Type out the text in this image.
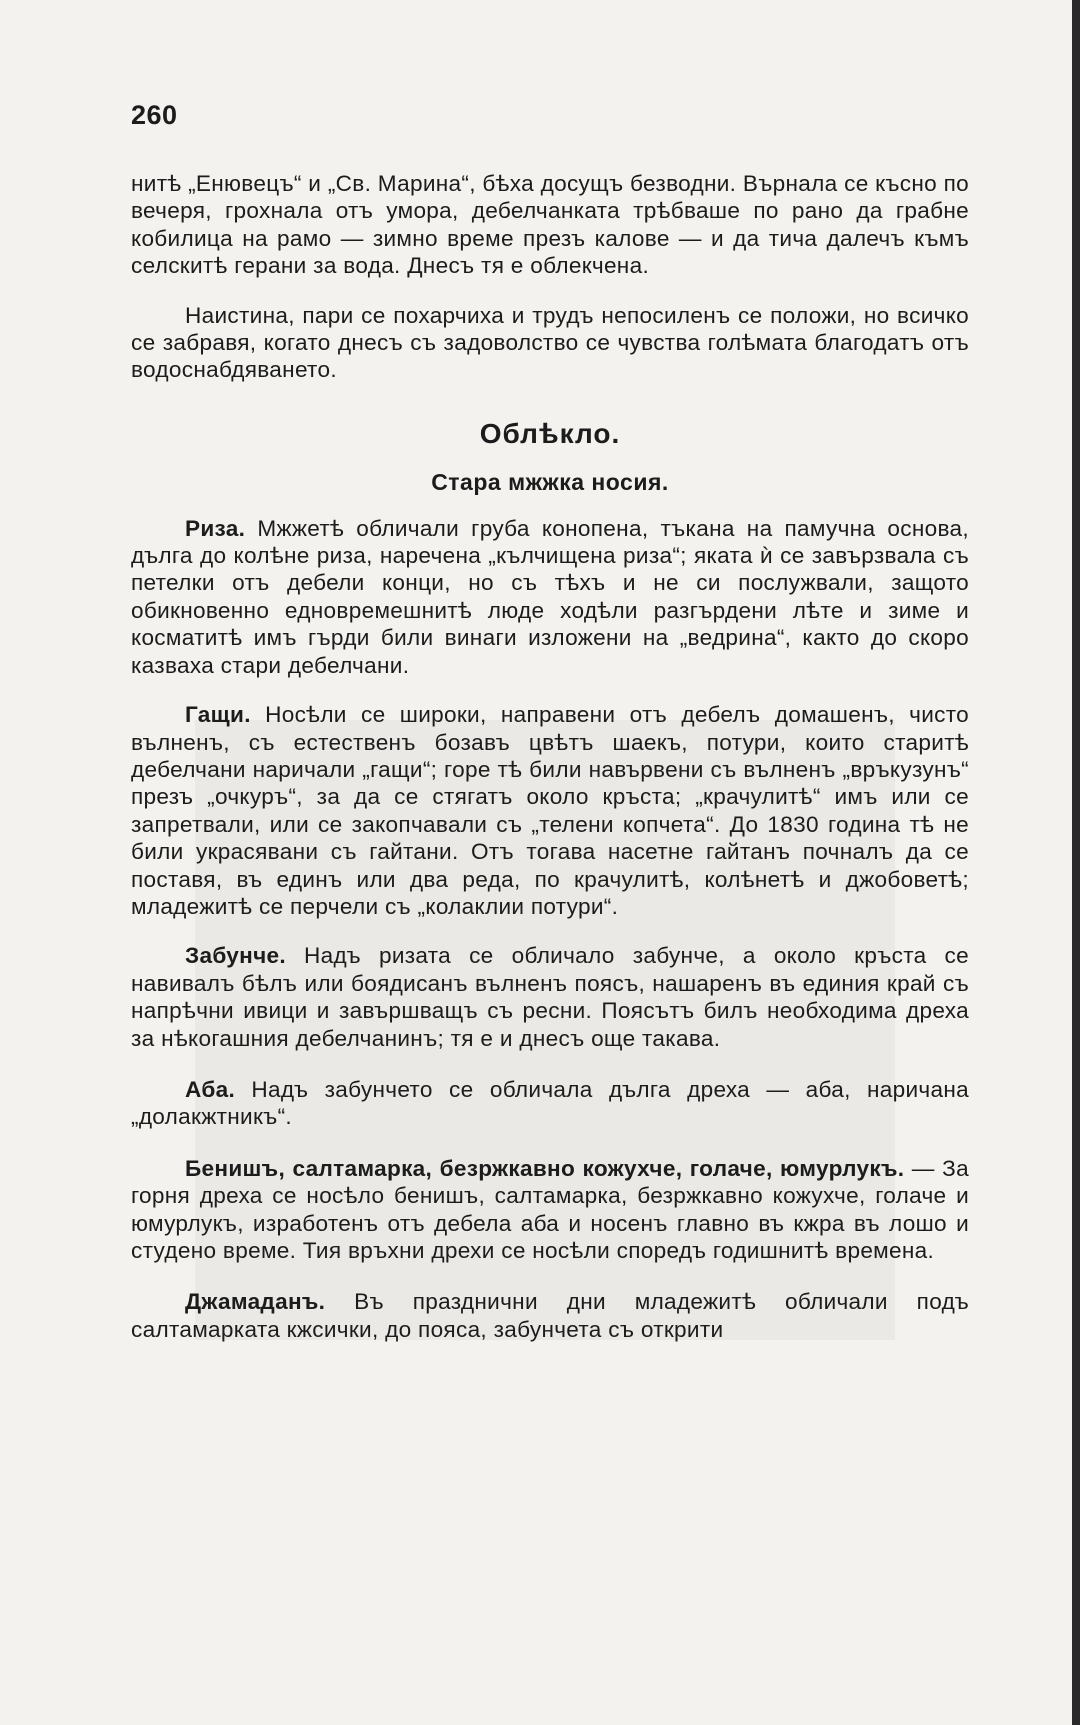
260

нитѣ „Енювецъ“ и „Св. Марина“, бѣха досущъ безводни. Върнала се късно по вечеря, грохнала отъ умора, дебелчанката трѣбваше по рано да грабне кобилица на рамо — зимно време презъ калове — и да тича далечъ къмъ селскитѣ герани за вода. Днесъ тя е облекчена.

Наистина, пари се похарчиха и трудъ непосиленъ се положи, но всичко се забравя, когато днесъ съ задоволство се чувства голѣмата благодатъ отъ водоснабдяването.

Облѣкло.
Стара мжжка носия.

Риза. Мжжетѣ обличали груба конопена, тъкана на памучна основа, дълга до колѣне риза, наречена „кълчищена риза“; яката ѝ се завързвала съ петелки отъ дебели конци, но съ тѣхъ и не си послужвали, защото обикновенно едновремешнитѣ люде ходѣли разгърдени лѣте и зиме и косматитѣ имъ гърди били винаги изложени на „ведрина“, както до скоро казваха стари дебелчани.

Гащи. Носѣли се широки, направени отъ дебелъ домашенъ, чисто вълненъ, съ естественъ бозавъ цвѣтъ шаекъ, потури, които старитѣ дебелчани наричали „гащи“; горе тѣ били навървени съ вълненъ „връкузунъ“ презъ „очкуръ“, за да се стягатъ около кръста; „крачулитѣ“ имъ или се запретвали, или се закопчавали съ „телени копчета“. До 1830 година тѣ не били украсявани съ гайтани. Отъ тогава насетне гайтанъ почналъ да се поставя, въ единъ или два реда, по крачулитѣ, колѣнетѣ и джобоветѣ; младежитѣ се перчели съ „колаклии потури“.

Забунче. Надъ ризата се обличало забунче, а около кръста се навивалъ бѣлъ или боядисанъ вълненъ поясъ, нашаренъ въ единия край съ напрѣчни ивици и завършващъ съ ресни. Поясътъ билъ необходима дреха за нѣкогашния дебелчанинъ; тя е и днесъ още такава.

Аба. Надъ забунчето се обличала дълга дреха — аба, наричана „долакжтникъ“.

Бенишъ, салтамарка, безржкавно кожухче, голаче, юмурлукъ. — За горня дреха се носѣло бенишъ, салтамарка, безржкавно кожухче, голаче и юмурлукъ, изработенъ отъ дебела аба и носенъ главно въ кжра въ лошо и студено време. Тия връхни дрехи се носѣли споредъ годишнитѣ времена.

Джамаданъ. Въ празднични дни младежитѣ обличали подъ салтамарката кжсички, до пояса, забунчета съ открити
